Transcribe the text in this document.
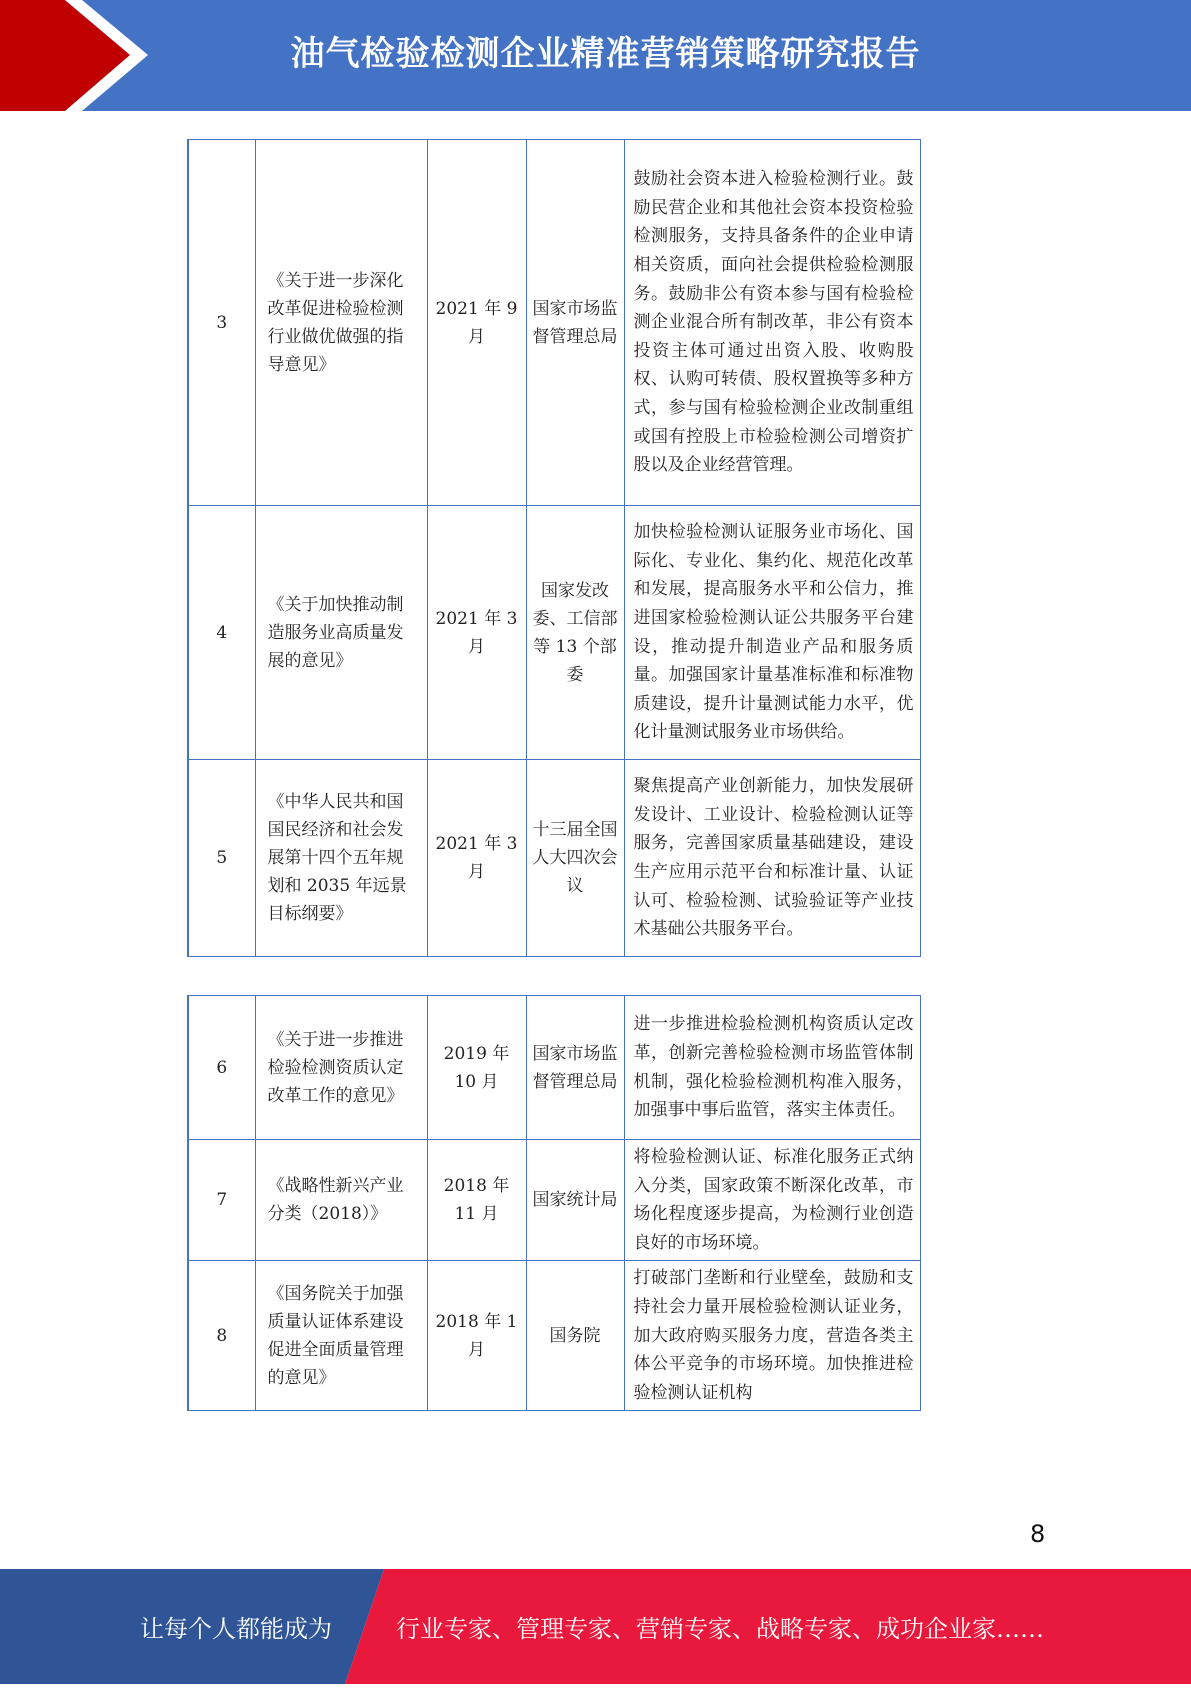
油气检验检测企业精准营销策略研究报告
3	《关于进一步深化改革促进检验检测行业做优做强的指导意见》	2021 年 9 月	国家市场监督管理总局	鼓励社会资本进入检验检测行业。鼓励民营企业和其他社会资本投资检验检测服务，支持具备条件的企业申请相关资质，面向社会提供检验检测服务。鼓励非公有资本参与国有检验检测企业混合所有制改革，非公有资本投资主体可通过出资入股、收购股权、认购可转债、股权置换等多种方式，参与国有检验检测企业改制重组或国有控股上市检验检测公司增资扩股以及企业经营管理。
4	《关于加快推动制造服务业高质量发展的意见》	2021 年 3 月	国家发改委、工信部等 13 个部委	加快检验检测认证服务业市场化、国际化、专业化、集约化、规范化改革和发展，提高服务水平和公信力，推进国家检验检测认证公共服务平台建设，推动提升制造业产品和服务质量。加强国家计量基准标准和标准物质建设，提升计量测试能力水平，优化计量测试服务业市场供给。
5	《中华人民共和国国民经济和社会发展第十四个五年规划和 2035 年远景目标纲要》	2021 年 3 月	十三届全国人大四次会议	聚焦提高产业创新能力，加快发展研发设计、工业设计、检验检测认证等服务，完善国家质量基础建设，建设生产应用示范平台和标准计量、认证认可、检验检测、试验验证等产业技术基础公共服务平台。
6	《关于进一步推进检验检测资质认定改革工作的意见》	2019 年 10 月	国家市场监督管理总局	进一步推进检验检测机构资质认定改革，创新完善检验检测市场监管体制机制，强化检验检测机构准入服务，加强事中事后监管，落实主体责任。
7	《战略性新兴产业分类（2018）》	2018 年 11 月	国家统计局	将检验检测认证、标准化服务正式纳入分类，国家政策不断深化改革，市场化程度逐步提高，为检测行业创造良好的市场环境。
8	《国务院关于加强质量认证体系建设促进全面质量管理的意见》	2018 年 1 月	国务院	打破部门垄断和行业壁垒，鼓励和支持社会力量开展检验检测认证业务，加大政府购买服务力度，营造各类主体公平竞争的市场环境。加快推进检验检测认证机构
8
让每个人都能成为	行业专家、管理专家、营销专家、战略专家、成功企业家……
